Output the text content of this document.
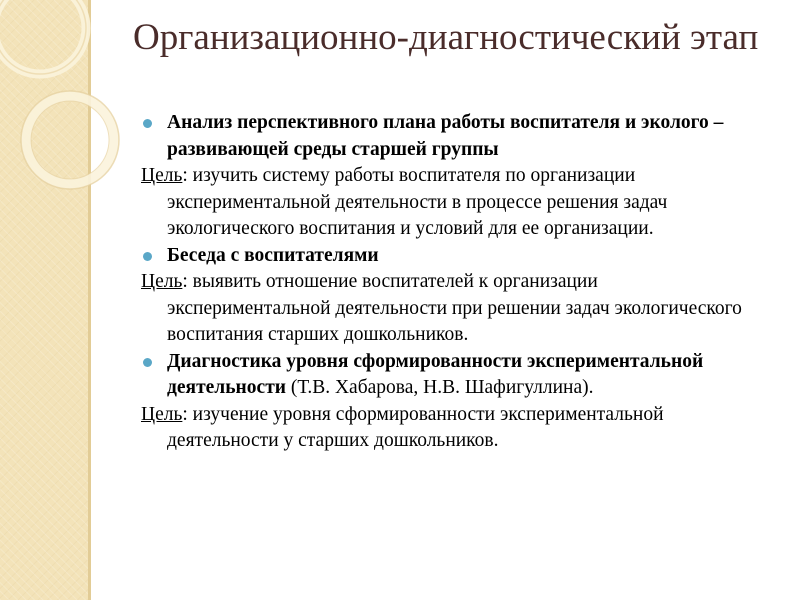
Организационно-диагностический этап

Анализ перспективного плана работы воспитателя и эколого – развивающей среды старшей группы

Цель: изучить систему работы воспитателя по организации экспериментальной деятельности в процессе решения задач экологического воспитания и условий для ее организации.

Беседа с воспитателями

Цель: выявить отношение воспитателей к организации экспериментальной деятельности при решении задач экологического воспитания старших дошкольников.

Диагностика уровня сформированности экспериментальной деятельности (Т.В. Хабарова, Н.В. Шафигуллина).

Цель: изучение уровня сформированности экспериментальной деятельности у старших дошкольников.
